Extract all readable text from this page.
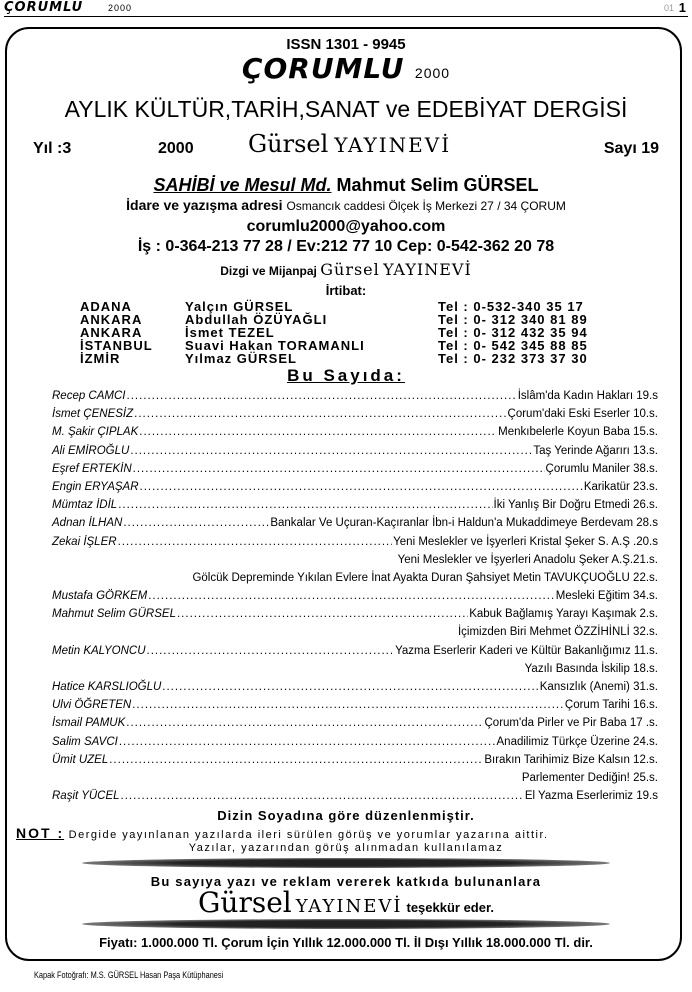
ÇORUMLU	2000	01 1
ISSN 1301 - 9945
ÇORUMLU 2000
AYLIK KÜLTÜR,TARİH,SANAT ve EDEBİYAT DERGİSİ
Yıl :3	2000 Gürsel YAYINEVİ	Sayı 19
SAHİBİ ve Mesul Md. Mahmut Selim GÜRSEL
İdare ve yazışma adresi Osmancık caddesi Ölçek İş Merkezi 27 / 34 ÇORUM
corumlu2000@yahoo.com
İş : 0-364-213 77 28 / Ev:212 77 10 Cep: 0-542-362 20 78
Dizgi ve Mijanpaj Gürsel YAYINEVİ
İrtibat:
ADANA	Yalçın GÜRSEL	Tel : 0-532-340 35 17
ANKARA	Abdullah ÖZÜYAĞLI	Tel : 0- 312 340 81 89
ANKARA	İsmet TEZEL	Tel : 0- 312 432 35 94
İSTANBUL Suavi Hakan TORAMANLI	Tel : 0- 542 345 88 85
İZMİR	Yılmaz GÜRSEL	Tel : 0- 232 373 37 30
Bu Sayıda:
Recep CAMCI .....	İslâm'da Kadın Hakları 19.s
İsmet ÇENESİZ .....	Çorum'daki Eski Eserler 10.s.
M. Şakir ÇIPLAK .....	Menkıbelerle Koyun Baba 15.s.
Ali EMİROĞLU .....	Taş Yerinde Ağarırı 13.s.
Eşref ERTEKİN .....	Çorumlu Maniler 38.s.
Engin ERYAŞAR .....	Karikatür 23.s.
Mümtaz İDİL .....	İki Yanlış Bir Doğru Etmedi 26.s.
Adnan İLHAN .....	Bankalar Ve Uçuran-Kaçıranlar İbn-i Haldun'a Mukaddimeye Berdevam 28.s
Zekai İŞLER .....	Yeni Meslekler ve İşyerleri Kristal Şeker S. A.Ş .20.s
Yeni Meslekler ve İşyerleri Anadolu Şeker A.Ş.21.s.
Gölcük Depreminde Yıkılan Evlere İnat Ayakta Duran Şahsiyet Metin TAVUKÇUOĞLU 22.s.
Mustafa GÖRKEM .....	Mesleki Eğitim 34.s.
Mahmut Selim GÜRSEL .....	Kabuk Bağlamış Yarayı Kaşımak 2.s.
İçimizden Biri Mehmet ÖZZİHİNLİ 32.s.
Metin KALYONCU .....	Yazma Eserlerir Kaderi ve Kültür Bakanlığımız 11.s.
Yazılı Basında İskilip 18.s.
Hatice KARSLIOĞLU .....	Kansızlık (Anemi) 31.s.
Ulvi ÖĞRETEN .....	Çorum Tarihi 16.s.
İsmail PAMUK .....	Çorum'da Pirler ve Pir Baba 17 .s.
Salim SAVCI .....	Anadilimiz Türkçe Üzerine 24.s.
Ümit UZEL .....	Bırakın Tarihimiz Bize Kalsın 12.s.
Parlementer Dediğin! 25.s.
Raşit YÜCEL .....	El Yazma Eserlerimiz 19.s
Dizin Soyadına göre düzenlenmiştir.
NOT : Dergide yayınlanan yazılarda ileri sürülen görüş ve yorumlar yazarına aittir.
Yazılar, yazarından görüş alınmadan kullanılamaz
Bu sayıya yazı ve reklam vererek katkıda bulunanlara
Gürsel YAYINEVİ teşekkür eder.
Fiyatı: 1.000.000 Tl. Çorum İçin Yıllık 12.000.000 Tl. İl Dışı Yıllık 18.000.000 Tl. dir.
Kapak Fotoğrafı: M.S. GÜRSEL Hasan Paşa Kütüphanesi
